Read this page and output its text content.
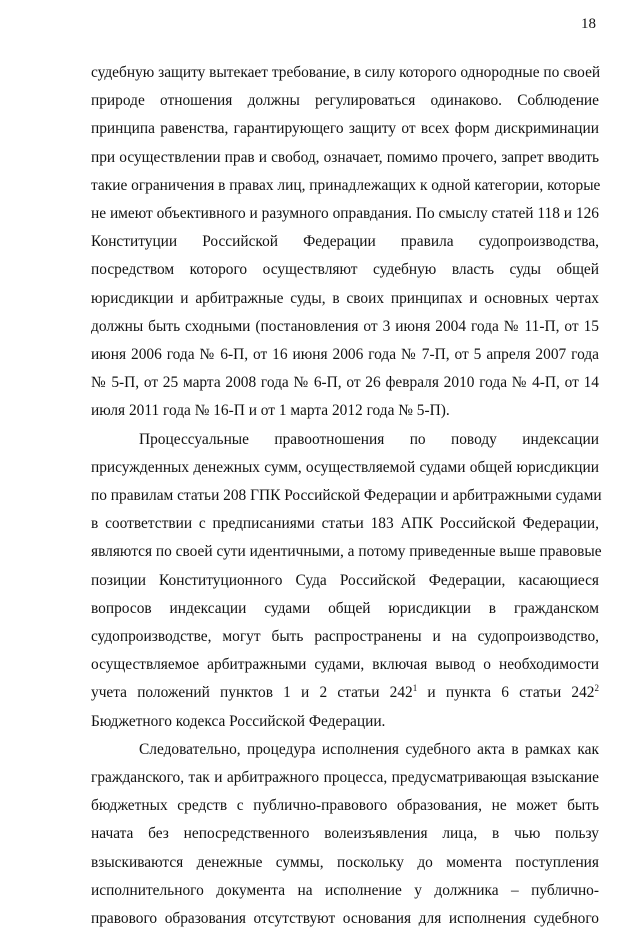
18
судебную защиту вытекает требование, в силу которого однородные по своей
природе отношения должны регулироваться одинаково. Соблюдение
принципа равенства, гарантирующего защиту от всех форм дискриминации
при осуществлении прав и свобод, означает, помимо прочего, запрет вводить
такие ограничения в правах лиц, принадлежащих к одной категории, которые
не имеют объективного и разумного оправдания. По смыслу статей 118 и 126
Конституции Российской Федерации правила судопроизводства,
посредством которого осуществляют судебную власть суды общей
юрисдикции и арбитражные суды, в своих принципах и основных чертах
должны быть сходными (постановления от 3 июня 2004 года № 11-П, от 15
июня 2006 года № 6-П, от 16 июня 2006 года № 7-П, от 5 апреля 2007 года
№ 5-П, от 25 марта 2008 года № 6-П, от 26 февраля 2010 года № 4-П, от 14
июля 2011 года № 16-П и от 1 марта 2012 года № 5-П).
Процессуальные правоотношения по поводу индексации
присужденных денежных сумм, осуществляемой судами общей юрисдикции
по правилам статьи 208 ГПК Российской Федерации и арбитражными судами
в соответствии с предписаниями статьи 183 АПК Российской Федерации,
являются по своей сути идентичными, а потому приведенные выше правовые
позиции Конституционного Суда Российской Федерации, касающиеся
вопросов индексации судами общей юрисдикции в гражданском
судопроизводстве, могут быть распространены и на судопроизводство,
осуществляемое арбитражными судами, включая вывод о необходимости
учета положений пунктов 1 и 2 статьи $242^1$ и пункта 6 статьи $242^2$
Бюджетного кодекса Российской Федерации.
Следовательно, процедура исполнения судебного акта в рамках как
гражданского, так и арбитражного процесса, предусматривающая взыскание
бюджетных средств с публично-правового образования, не может быть
начата без непосредственного волеизъявления лица, в чью пользу
взыскиваются денежные суммы, поскольку до момента поступления
исполнительного документа на исполнение у должника – публично-
правового образования отсутствуют основания для исполнения судебного
